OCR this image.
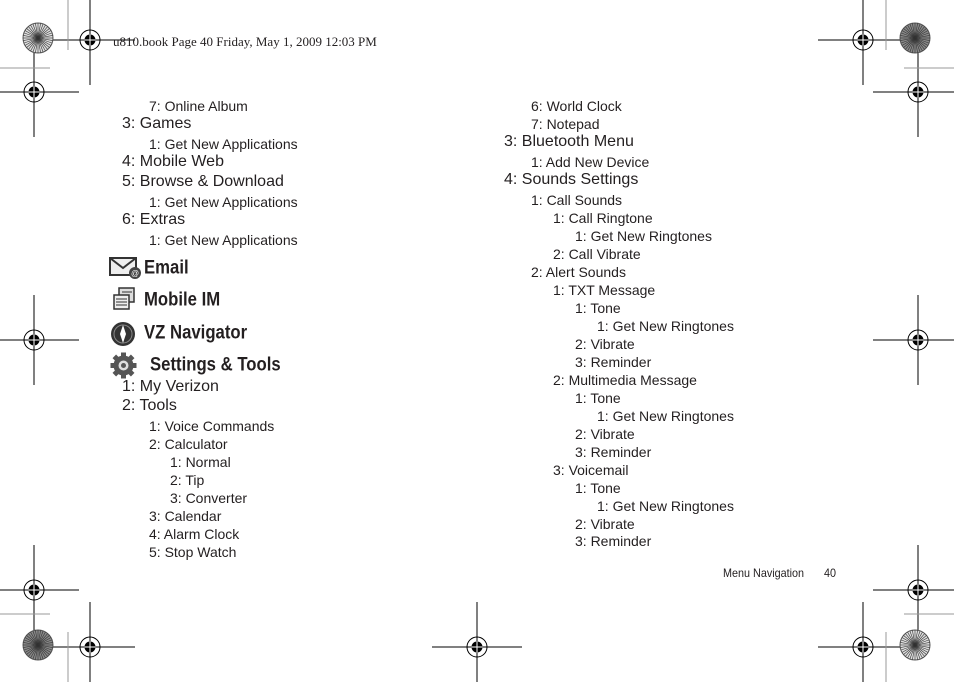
u810.book Page 40 Friday, May 1, 2009 12:03 PM
7: Online Album
3: Games
1: Get New Applications
4: Mobile Web
5: Browse & Download
1: Get New Applications
6: Extras
1: Get New Applications
Email
Mobile IM
VZ Navigator
Settings & Tools
1: My Verizon
2: Tools
1: Voice Commands
2: Calculator
1: Normal
2: Tip
3: Converter
3: Calendar
4: Alarm Clock
5: Stop Watch
6: World Clock
7: Notepad
3: Bluetooth Menu
1: Add New Device
4: Sounds Settings
1: Call Sounds
1: Call Ringtone
1: Get New Ringtones
2: Call Vibrate
2: Alert Sounds
1: TXT Message
1: Tone
1: Get New Ringtones
2: Vibrate
3: Reminder
2: Multimedia Message
1: Tone
1: Get New Ringtones
2: Vibrate
3: Reminder
3: Voicemail
1: Tone
1: Get New Ringtones
2: Vibrate
3: Reminder
@
Menu Navigation 40
